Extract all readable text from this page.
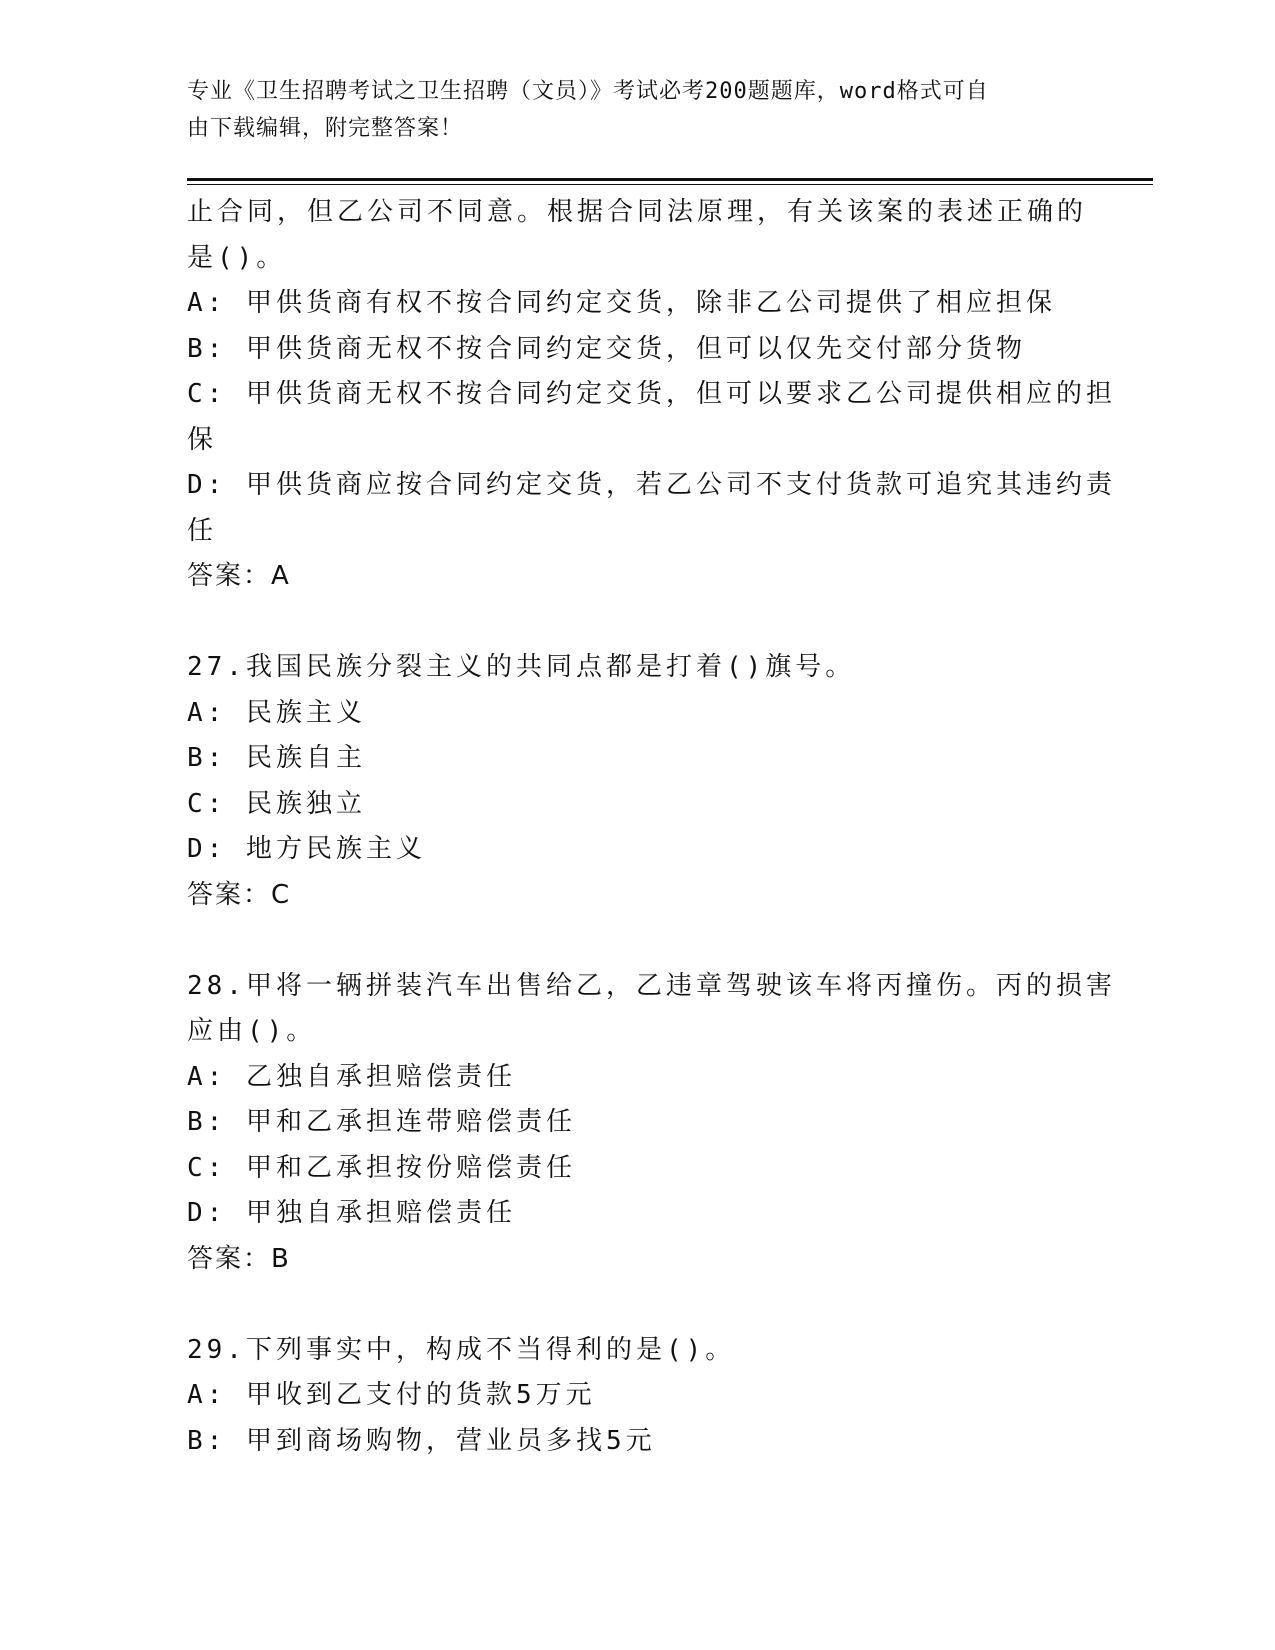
专业《卫生招聘考试之卫生招聘（文员）》考试必考200题题库，word格式可自
由下载编辑，附完整答案！
止合同，但乙公司不同意。根据合同法原理，有关该案的表述正确的
是()。
A: 甲供货商有权不按合同约定交货，除非乙公司提供了相应担保
B: 甲供货商无权不按合同约定交货，但可以仅先交付部分货物
C: 甲供货商无权不按合同约定交货，但可以要求乙公司提供相应的担
保
D: 甲供货商应按合同约定交货，若乙公司不支付货款可追究其违约责
任
答案：A
27.我国民族分裂主义的共同点都是打着()旗号。
A: 民族主义
B: 民族自主
C: 民族独立
D: 地方民族主义
答案：C
28.甲将一辆拼装汽车出售给乙，乙违章驾驶该车将丙撞伤。丙的损害
应由()。
A: 乙独自承担赔偿责任
B: 甲和乙承担连带赔偿责任
C: 甲和乙承担按份赔偿责任
D: 甲独自承担赔偿责任
答案：B
29.下列事实中，构成不当得利的是()。
A: 甲收到乙支付的货款5万元
B: 甲到商场购物，营业员多找5元
